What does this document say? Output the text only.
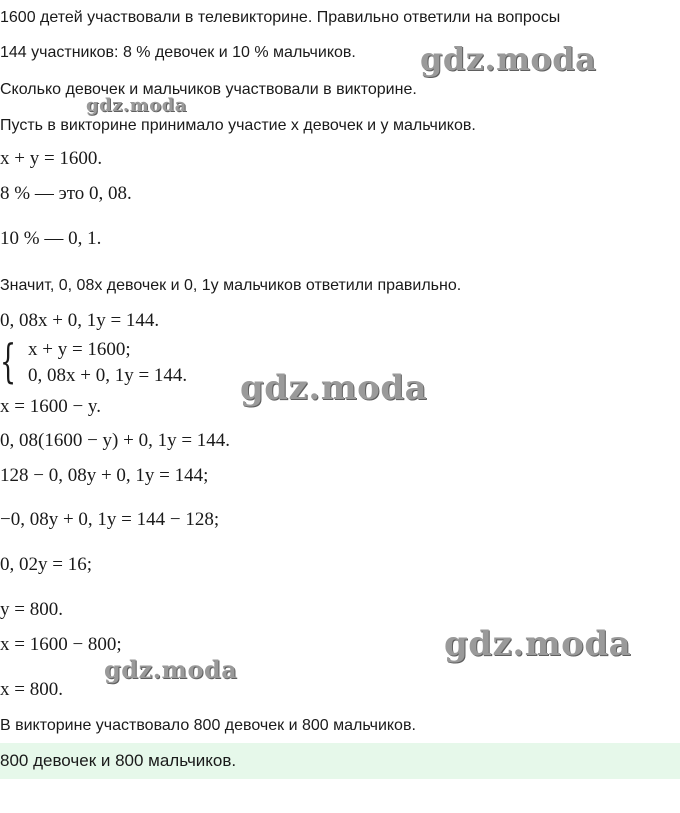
1600 детей участвовали в телевикторине. Правильно ответили на вопросы
144 участников: 8 % девочек и 10 % мальчиков.
Сколько девочек и мальчиков участвовали в викторине.
Пусть в викторине принимало участие x девочек и y мальчиков.
x + y = 1600.
8 % — это 0, 08.
10 % — 0, 1.
Значит, 0, 08x девочек и 0, 1y мальчиков ответили правильно.
0, 08x + 0, 1y = 144.
{ x + y = 1600;
0, 08x + 0, 1y = 144.
x = 1600 − y.
0, 08(1600 − y) + 0, 1y = 144.
128 − 0, 08y + 0, 1y = 144;
−0, 08y + 0, 1y = 144 − 128;
0, 02y = 16;
y = 800.
x = 1600 − 800;
x = 800.
В викторине участвовало 800 девочек и 800 мальчиков.
800 девочек и 800 мальчиков.
gdz.moda
gdz.moda
gdz.moda
gdz.moda
gdz.moda
